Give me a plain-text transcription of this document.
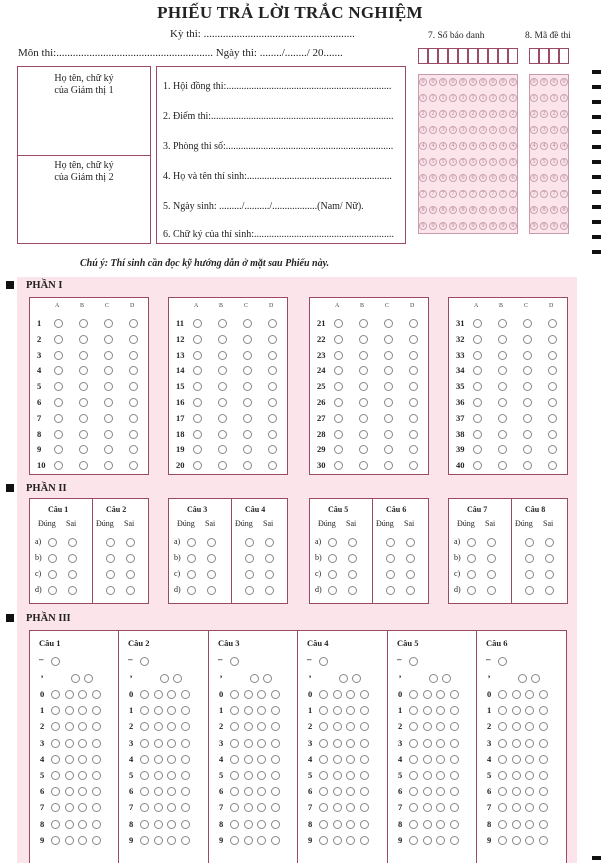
PHIẾU TRẢ LỜI TRẮC NGHIỆM
Kỳ thi: .......................................................
Môn thi:......................................................... Ngày thi: ......../......../ 20.......
7. Số báo danh	8. Mã đề thi
Họ tên, chữ ký
của Giám thị 1
Họ tên, chữ ký
của Giám thị 2
1. Hội đồng thi:..................................................................
2. Điểm thi:.........................................................................
3. Phòng thi số:...................................................................
4. Họ và tên thí sinh:..........................................................
5. Ngày sinh: ........./........../..................(Nam/ Nữ).
6. Chữ ký của thí sinh:........................................................
0	0	0	0	0	0	0	0	0	0
1	1	1	1	1	1	1	1	1	1
2	2	2	2	2	2	2	2	2	2
3	3	3	3	3	3	3	3	3	3
4	4	4	4	4	4	4	4	4	4
5	5	5	5	5	5	5	5	5	5
6	6	6	6	6	6	6	6	6	6
7	7	7	7	7	7	7	7	7	7
8	8	8	8	8	8	8	8	8	8
9	9	9	9	9	9	9	9	9	9
0	0	0	0
1	1	1	1
2	2	2	2
3	3	3	3
4	4	4	4
5	5	5	5
6	6	6	6
7	7	7	7
8	8	8	8
9	9	9	9
Chú ý: Thí sinh cần đọc kỹ hướng dẫn ở mặt sau Phiếu này.
PHẦN I
PHẦN II
PHẦN III
A	B	C	D
1
2
3
4
5
6
7
8
9
10
A	B	C	D
11
12
13
14
15
16
17
18
19
20
A	B	C	D
21
22
23
24
25
26
27
28
29
30
A	B	C	D
31
32
33
34
35
36
37
38
39
40
Câu 1
Đúng Sai
a)
b)
c)
d)
Câu 2
Đúng Sai
Câu 3
Đúng Sai
a)
b)
c)
d)
Câu 4
Đúng Sai
Câu 5
Đúng Sai
a)
b)
c)
d)
Câu 6
Đúng Sai
Câu 7
Đúng Sai
a)
b)
c)
d)
Câu 8
Đúng Sai
Câu 1
–
,
0
1
2
3
4
5
6
7
8
9
Câu 2
–
,
0
1
2
3
4
5
6
7
8
9
Câu 3
–
,
0
1
2
3
4
5
6
7
8
9
Câu 4
–
,
0
1
2
3
4
5
6
7
8
9
Câu 5
–
,
0
1
2
3
4
5
6
7
8
9
Câu 6
–
,
0
1
2
3
4
5
6
7
8
9
